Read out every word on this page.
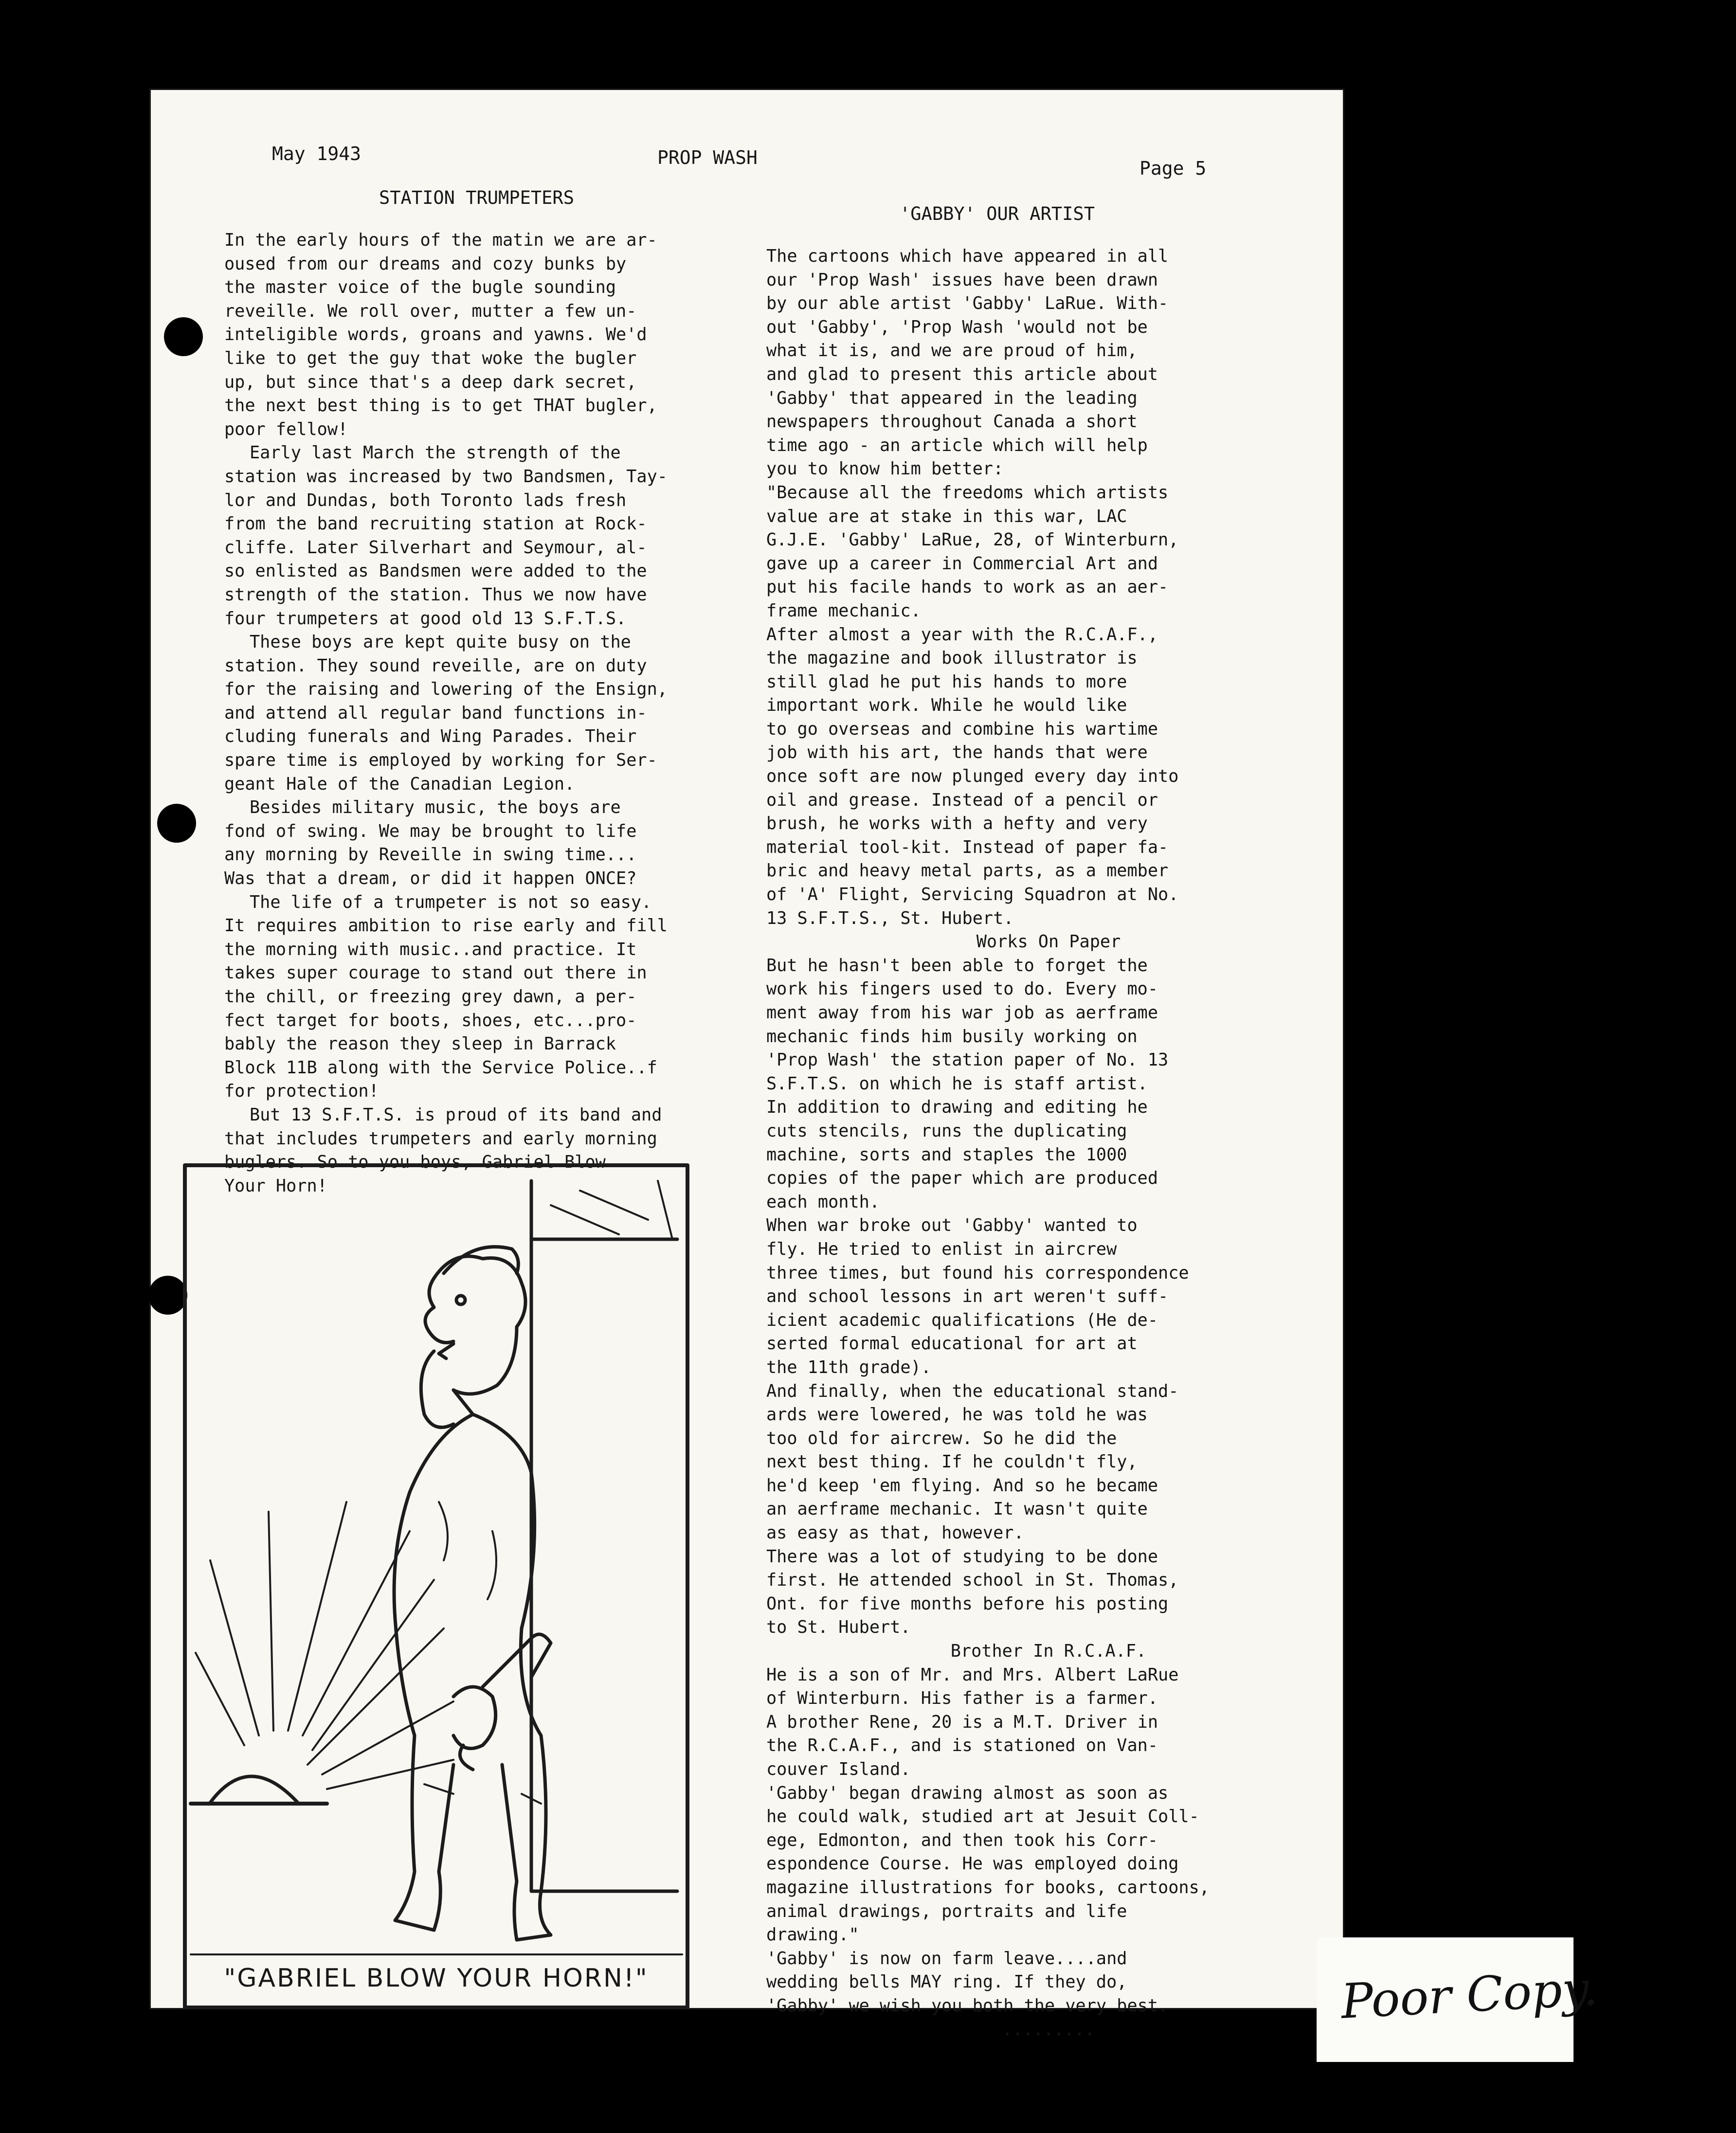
May 1943	PROP WASH	Page 5
STATION TRUMPETERS

In the early hours of the matin we are ar-

oused from our dreams and cozy bunks by

the master voice of the bugle sounding

reveille. We roll over, mutter a few un-

inteligible words, groans and yawns. We'd

like to get the guy that woke the bugler

up, but since that's a deep dark secret,

the next best thing is to get THAT bugler,

poor fellow!

Early last March the strength of the

station was increased by two Bandsmen, Tay-

lor and Dundas, both Toronto lads fresh

from the band recruiting station at Rock-

cliffe. Later Silverhart and Seymour, al-

so enlisted as Bandsmen were added to the

strength of the station. Thus we now have

four trumpeters at good old 13 S.F.T.S.

These boys are kept quite busy on the

station. They sound reveille, are on duty

for the raising and lowering of the Ensign,

and attend all regular band functions in-

cluding funerals and Wing Parades. Their

spare time is employed by working for Ser-

geant Hale of the Canadian Legion.

Besides military music, the boys are

fond of swing. We may be brought to life

any morning by Reveille in swing time...

Was that a dream, or did it happen ONCE?

The life of a trumpeter is not so easy.

It requires ambition to rise early and fill

the morning with music..and practice. It

takes super courage to stand out there in

the chill, or freezing grey dawn, a per-

fect target for boots, shoes, etc...pro-

bably the reason they sleep in Barrack

Block 11B along with the Service Police..f

for protection!

But 13 S.F.T.S. is proud of its band and

that includes trumpeters and early morning

buglers. So to you boys, Gabriel Blow

Your Horn!

"GABRIEL BLOW YOUR HORN!"
'GABBY' OUR ARTIST

The cartoons which have appeared in all

our 'Prop Wash' issues have been drawn

by our able artist 'Gabby' LaRue. With-

out 'Gabby', 'Prop Wash 'would not be

what it is, and we are proud of him,

and glad to present this article about

'Gabby' that appeared in the leading

newspapers throughout Canada a short

time ago - an article which will help

you to know him better:

"Because all the freedoms which artists

value are at stake in this war, LAC

G.J.E. 'Gabby' LaRue, 28, of Winterburn,

gave up a career in Commercial Art and

put his facile hands to work as an aer-

frame mechanic.

After almost a year with the R.C.A.F.,

the magazine and book illustrator is

still glad he put his hands to more

important work. While he would like

to go overseas and combine his wartime

job with his art, the hands that were

once soft are now plunged every day into

oil and grease. Instead of a pencil or

brush, he works with a hefty and very

material tool-kit. Instead of paper fa-

bric and heavy metal parts, as a member

of 'A' Flight, Servicing Squadron at No.

13 S.F.T.S., St. Hubert.

Works On Paper

But he hasn't been able to forget the

work his fingers used to do. Every mo-

ment away from his war job as aerframe

mechanic finds him busily working on

'Prop Wash' the station paper of No. 13

S.F.T.S. on which he is staff artist.

In addition to drawing and editing he

cuts stencils, runs the duplicating

machine, sorts and staples the 1000

copies of the paper which are produced

each month.

When war broke out 'Gabby' wanted to

fly. He tried to enlist in aircrew

three times, but found his correspondence

and school lessons in art weren't suff-

icient academic qualifications (He de-

serted formal educational for art at

the 11th grade).

And finally, when the educational stand-

ards were lowered, he was told he was

too old for aircrew. So he did the

next best thing. If he couldn't fly,

he'd keep 'em flying. And so he became

an aerframe mechanic. It wasn't quite

as easy as that, however.

There was a lot of studying to be done

first. He attended school in St. Thomas,

Ont. for five months before his posting

to St. Hubert.

Brother In R.C.A.F.

He is a son of Mr. and Mrs. Albert LaRue

of Winterburn. His father is a farmer.

A brother Rene, 20 is a M.T. Driver in

the R.C.A.F., and is stationed on Van-

couver Island.

'Gabby' began drawing almost as soon as

he could walk, studied art at Jesuit Coll-

ege, Edmonton, and then took his Corr-

espondence Course. He was employed doing

magazine illustrations for books, cartoons,

animal drawings, portraits and life

drawing."

'Gabby' is now on farm leave....and

wedding bells MAY ring. If they do,

'Gabby' we wish you both the very best.

.........	Poor Copy.
